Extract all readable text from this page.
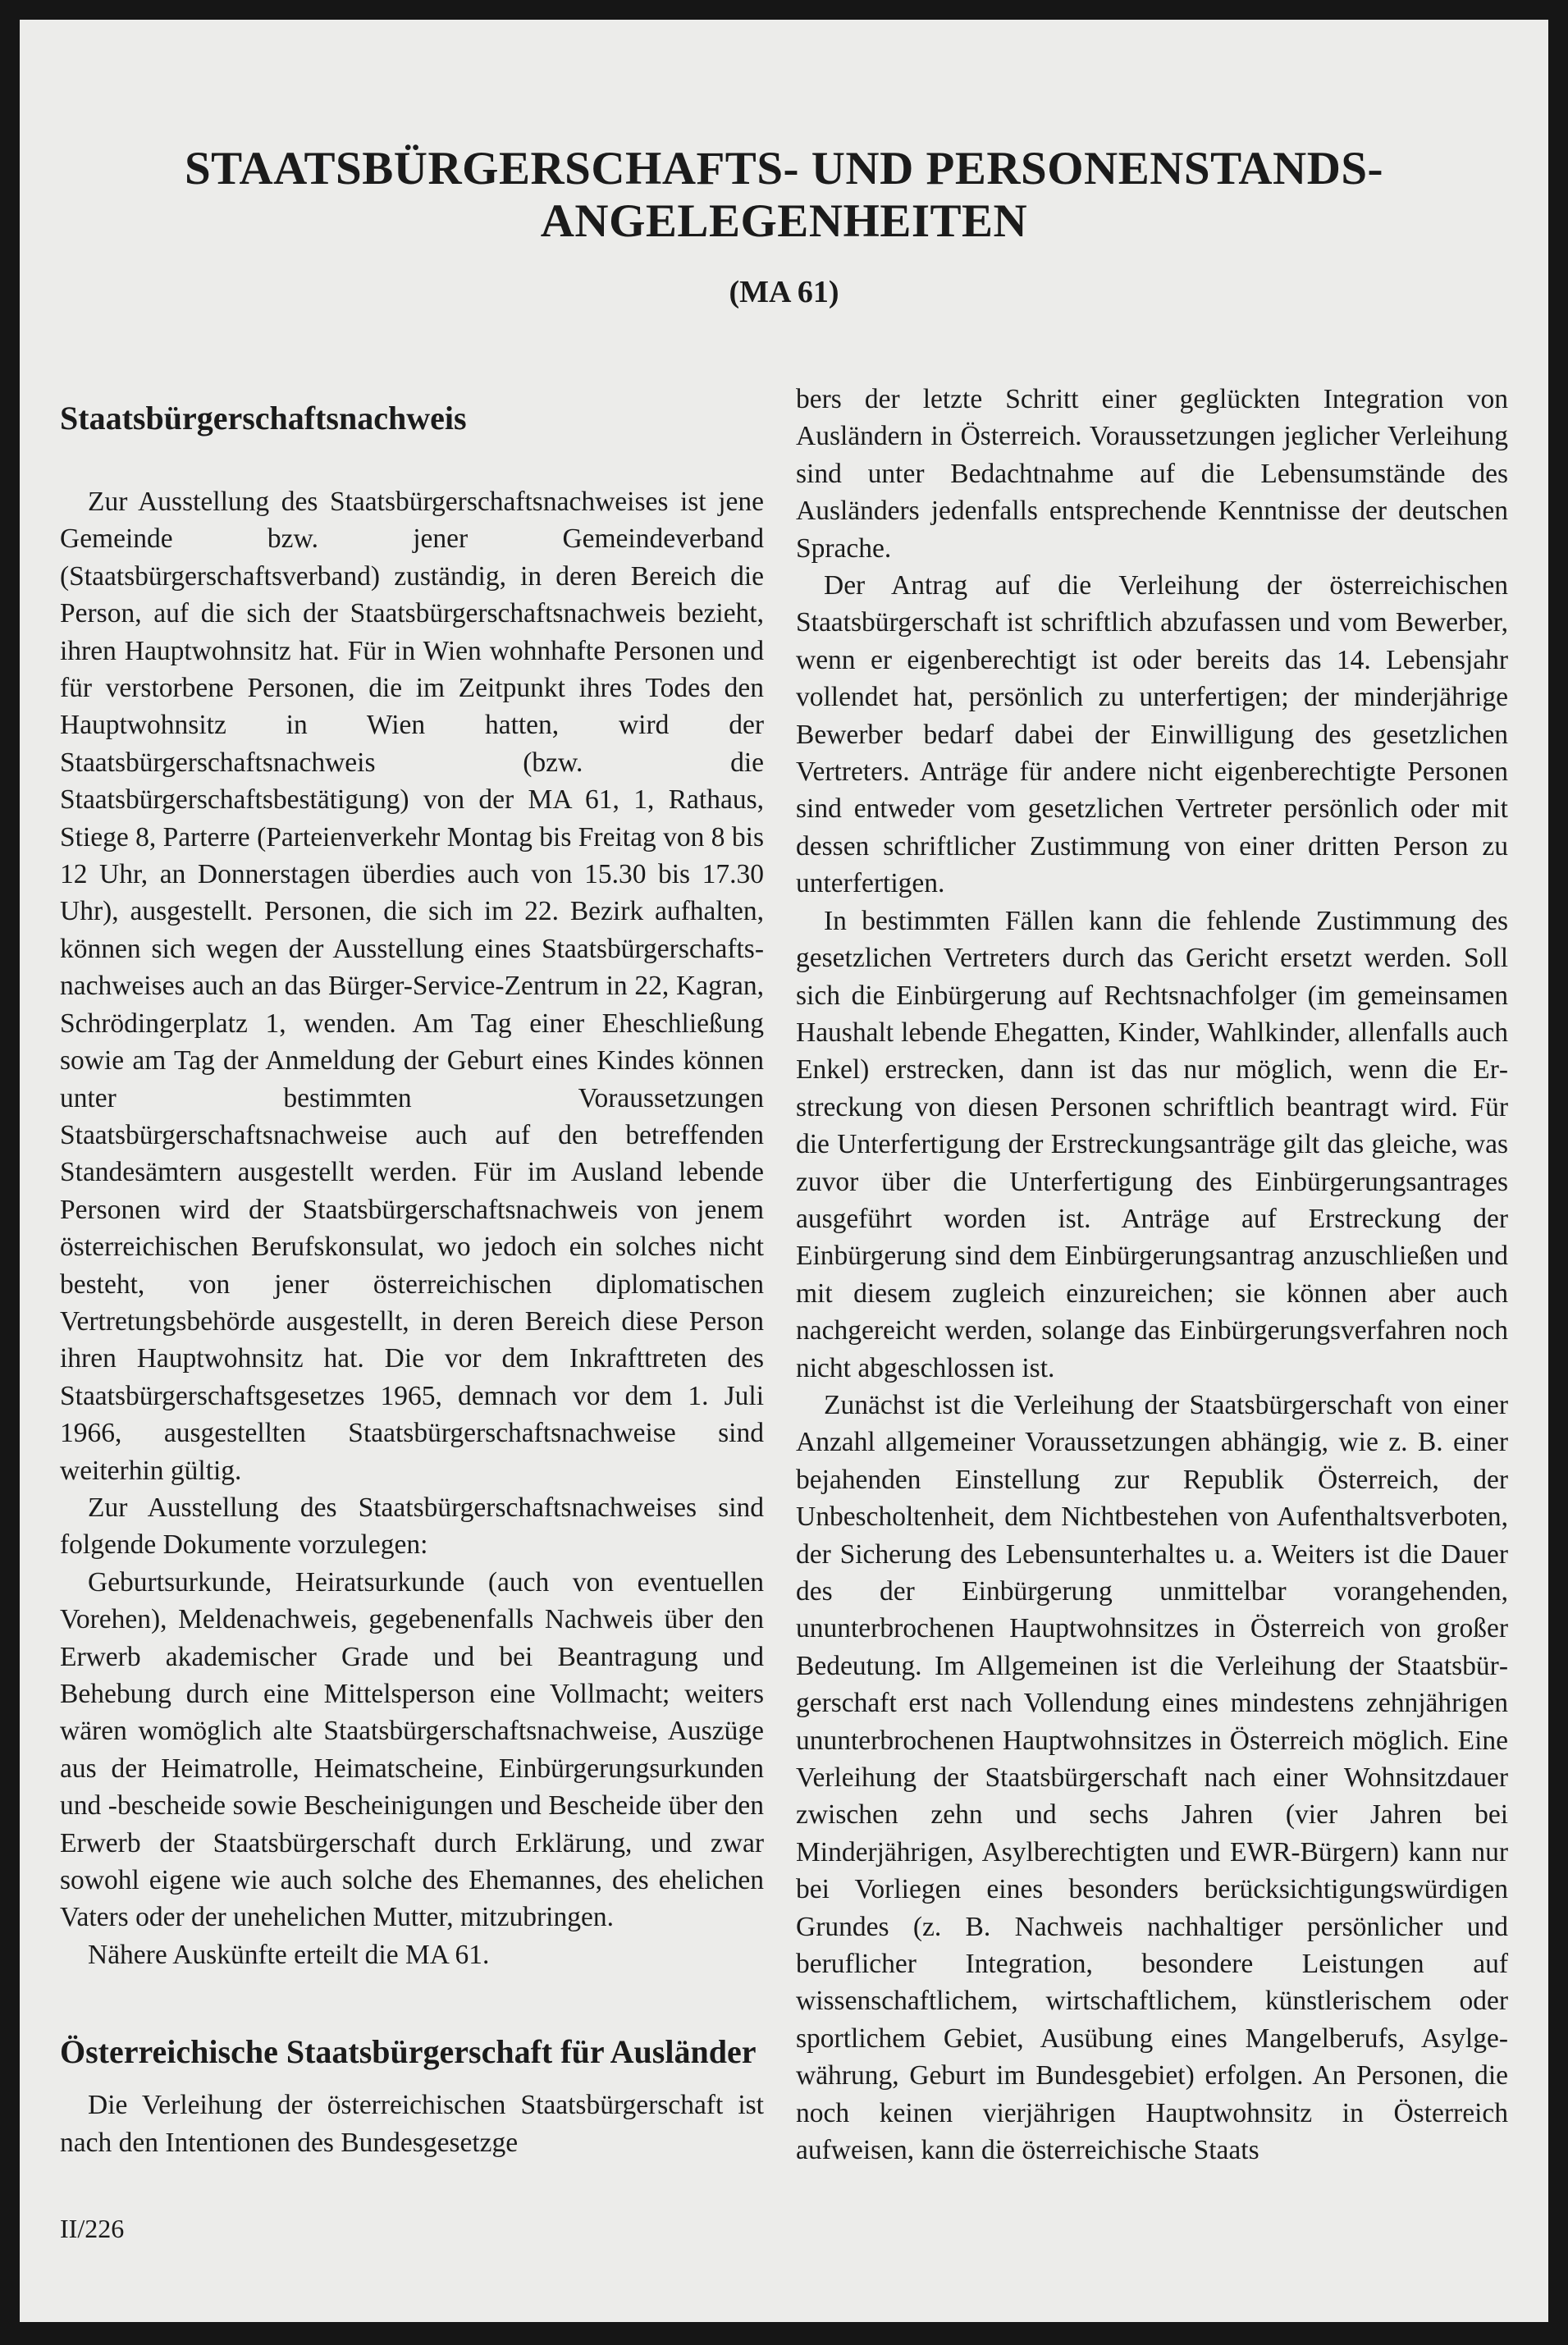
STAATSBÜRGERSCHAFTS- UND PERSONENSTANDS-
ANGELEGENHEITEN
(MA 61)
Staatsbürgerschaftsnachweis

Zur Ausstellung des Staatsbürgerschaftsnachweises ist jene Gemeinde bzw. jener Gemeindeverband (Staatsbürgerschaftsverband) zuständig, in deren Bereich die Person, auf die sich der Staatsbürgerschaftsnachweis bezieht, ihren Hauptwohnsitz hat. Für in Wien wohnhafte Personen und für verstorbene Personen, die im Zeitpunkt ihres Todes den Hauptwohnsitz in Wien hatten, wird der Staatsbürgerschaftsnachweis (bzw. die Staatsbürgerschaftsbestätigung) von der MA 61, 1, Rathaus, Stiege 8, Parterre (Parteienverkehr Montag bis Freitag von 8 bis 12 Uhr, an Donnerstagen überdies auch von 15.30 bis 17.30 Uhr), ausgestellt. Personen, die sich im 22. Bezirk aufhalten, können sich wegen der Ausstellung eines Staatsbürgerschaftsnachweises auch an das Bürger-Service-Zentrum in 22, Kagran, Schrödingerplatz 1, wenden. Am Tag einer Eheschließung sowie am Tag der Anmeldung der Geburt eines Kindes können unter bestimmten Voraussetzungen Staatsbürgerschaftsnachweise auch auf den betreffenden Standesämtern ausgestellt werden. Für im Ausland lebende Personen wird der Staatsbürgerschaftsnachweis von jenem österreichischen Berufskonsulat, wo jedoch ein solches nicht besteht, von jener österreichischen diplomatischen Vertretungsbehörde ausgestellt, in deren Bereich diese Person ihren Hauptwohnsitz hat. Die vor dem Inkrafttreten des Staatsbürgerschaftsgesetzes 1965, demnach vor dem 1. Juli 1966, ausgestellten Staatsbürgerschaftsnachweise sind weiterhin gültig.

Zur Ausstellung des Staatsbürgerschaftsnachweises sind folgende Dokumente vorzulegen:

Geburtsurkunde, Heiratsurkunde (auch von eventuellen Vorehen), Meldenachweis, gegebenenfalls Nachweis über den Erwerb akademischer Grade und bei Beantragung und Behebung durch eine Mittelsperson eine Vollmacht; weiters wären womöglich alte Staatsbürgerschaftsnachweise, Auszüge aus der Heimatrolle, Heimatscheine, Einbürgerungsurkunden und -bescheide sowie Bescheinigungen und Bescheide über den Erwerb der Staatsbürgerschaft durch Erklärung, und zwar sowohl eigene wie auch solche des Ehemannes, des ehelichen Vaters oder der unehelichen Mutter, mitzubringen.

Nähere Auskünfte erteilt die MA 61.

Österreichische Staatsbürgerschaft für Ausländer

Die Verleihung der österreichischen Staatsbürgerschaft ist nach den Intentionen des Bundesgesetzge

bers der letzte Schritt einer geglückten Integration von Ausländern in Österreich. Voraussetzungen jeglicher Verleihung sind unter Bedachtnahme auf die Lebensumstände des Ausländers jedenfalls entsprechende Kenntnisse der deutschen Sprache.

Der Antrag auf die Verleihung der österreichischen Staatsbürgerschaft ist schriftlich abzufassen und vom Bewerber, wenn er eigenberechtigt ist oder bereits das 14. Lebensjahr vollendet hat, persönlich zu unterfertigen; der minderjährige Bewerber bedarf dabei der Einwilligung des gesetzlichen Vertreters. Anträge für andere nicht eigenberechtigte Personen sind entweder vom gesetzlichen Vertreter persönlich oder mit dessen schriftlicher Zustimmung von einer dritten Person zu unterfertigen.

In bestimmten Fällen kann die fehlende Zustimmung des gesetzlichen Vertreters durch das Gericht ersetzt werden. Soll sich die Einbürgerung auf Rechtsnachfolger (im gemeinsamen Haushalt lebende Ehegatten, Kinder, Wahlkinder, allenfalls auch Enkel) erstrecken, dann ist das nur möglich, wenn die Erstreckung von diesen Personen schriftlich beantragt wird. Für die Unterfertigung der Erstreckungsanträge gilt das gleiche, was zuvor über die Unterfertigung des Einbürgerungsantrages ausgeführt worden ist. Anträge auf Erstreckung der Einbürgerung sind dem Einbürgerungsantrag anzuschließen und mit diesem zugleich einzureichen; sie können aber auch nachgereicht werden, solange das Einbürgerungsverfahren noch nicht abgeschlossen ist.

Zunächst ist die Verleihung der Staatsbürgerschaft von einer Anzahl allgemeiner Voraussetzungen abhängig, wie z. B. einer bejahenden Einstellung zur Republik Österreich, der Unbescholtenheit, dem Nichtbestehen von Aufenthaltsverboten, der Sicherung des Lebensunterhaltes u. a. Weiters ist die Dauer des der Einbürgerung unmittelbar vorangehenden, ununterbrochenen Hauptwohnsitzes in Österreich von großer Bedeutung. Im Allgemeinen ist die Verleihung der Staatsbürgerschaft erst nach Vollendung eines mindestens zehnjährigen ununterbrochenen Hauptwohnsitzes in Österreich möglich. Eine Verleihung der Staatsbürgerschaft nach einer Wohnsitzdauer zwischen zehn und sechs Jahren (vier Jahren bei Minderjährigen, Asylberechtigten und EWR-Bürgern) kann nur bei Vorliegen eines besonders berücksichtigungswürdigen Grundes (z. B. Nachweis nachhaltiger persönlicher und beruflicher Integration, besondere Leistungen auf wissenschaftlichem, wirtschaftlichem, künstlerischem oder sportlichem Gebiet, Ausübung eines Mangelberufs, Asylgewährung, Geburt im Bundesgebiet) erfolgen. An Personen, die noch keinen vierjährigen Hauptwohnsitz in Österreich aufweisen, kann die österreichische Staats

II/226
